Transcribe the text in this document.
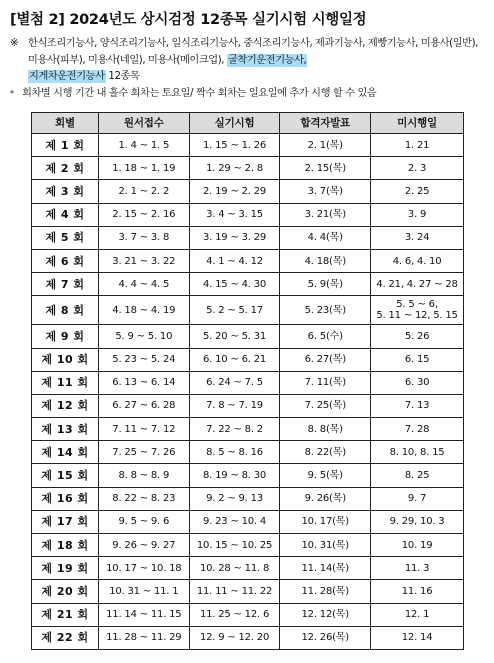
[별첨 2] 2024년도 상시검정 12종목 실기시험 시행일정
※ 한식조리기능사, 양식조리기능사, 일식조리기능사, 중식조리기능사, 제과기능사, 제빵기능사, 미용사(일반), 미용사(피부), 미용사(네일), 미용사(메이크업), 굴착기운전기능사,
지게차운전기능사 12종목
* 회차별 시행 기간 내 홀수 회차는 토요일/ 짝수 회차는 일요일에 추가 시행 할 수 있음
회별	원서접수	실기시험	합격자발표	미시행일
제 1 회	1. 4 ~ 1. 5	1. 15 ~ 1. 26	2. 1(목)	1. 21

제 2 회	1. 18 ~ 1. 19	1. 29 ~ 2. 8	2. 15(목)	2. 3

제 3 회	2. 1 ~ 2. 2	2. 19 ~ 2. 29	3. 7(목)	2. 25

제 4 회	2. 15 ~ 2. 16	3. 4 ~ 3. 15	3. 21(목)	3. 9

제 5 회	3. 7 ~ 3. 8	3. 19 ~ 3. 29	4. 4(목)	3. 24

제 6 회	3. 21 ~ 3. 22	4. 1 ~ 4. 12	4. 18(목)	4. 6, 4. 10

제 7 회	4. 4 ~ 4. 5	4. 15 ~ 4. 30	5. 9(목)	4. 21, 4. 27 ~ 28

제 8 회	4. 18 ~ 4. 19	5. 2 ~ 5. 17	5. 23(목)	5. 5 ~ 6,
5. 11 ~ 12, 5. 15

제 9 회	5. 9 ~ 5. 10	5. 20 ~ 5. 31	6. 5(수)	5. 26

제 10 회	5. 23 ~ 5. 24	6. 10 ~ 6. 21	6. 27(목)	6. 15

제 11 회	6. 13 ~ 6. 14	6. 24 ~ 7. 5	7. 11(목)	6. 30

제 12 회	6. 27 ~ 6. 28	7. 8 ~ 7. 19	7. 25(목)	7. 13

제 13 회	7. 11 ~ 7. 12	7. 22 ~ 8. 2	8. 8(목)	7. 28

제 14 회	7. 25 ~ 7. 26	8. 5 ~ 8. 16	8. 22(목)	8. 10, 8. 15

제 15 회	8. 8 ~ 8. 9	8. 19 ~ 8. 30	9. 5(목)	8. 25

제 16 회	8. 22 ~ 8. 23	9. 2 ~ 9. 13	9. 26(목)	9. 7

제 17 회	9. 5 ~ 9. 6	9. 23 ~ 10. 4	10. 17(목)	9. 29, 10. 3

제 18 회	9. 26 ~ 9. 27	10. 15 ~ 10. 25	10. 31(목)	10. 19

제 19 회	10. 17 ~ 10. 18	10. 28 ~ 11. 8	11. 14(목)	11. 3

제 20 회	10. 31 ~ 11. 1	11. 11 ~ 11. 22	11. 28(목)	11. 16

제 21 회	11. 14 ~ 11. 15	11. 25 ~ 12. 6	12. 12(목)	12. 1

제 22 회	11. 28 ~ 11. 29	12. 9 ~ 12. 20	12. 26(목)	12. 14
